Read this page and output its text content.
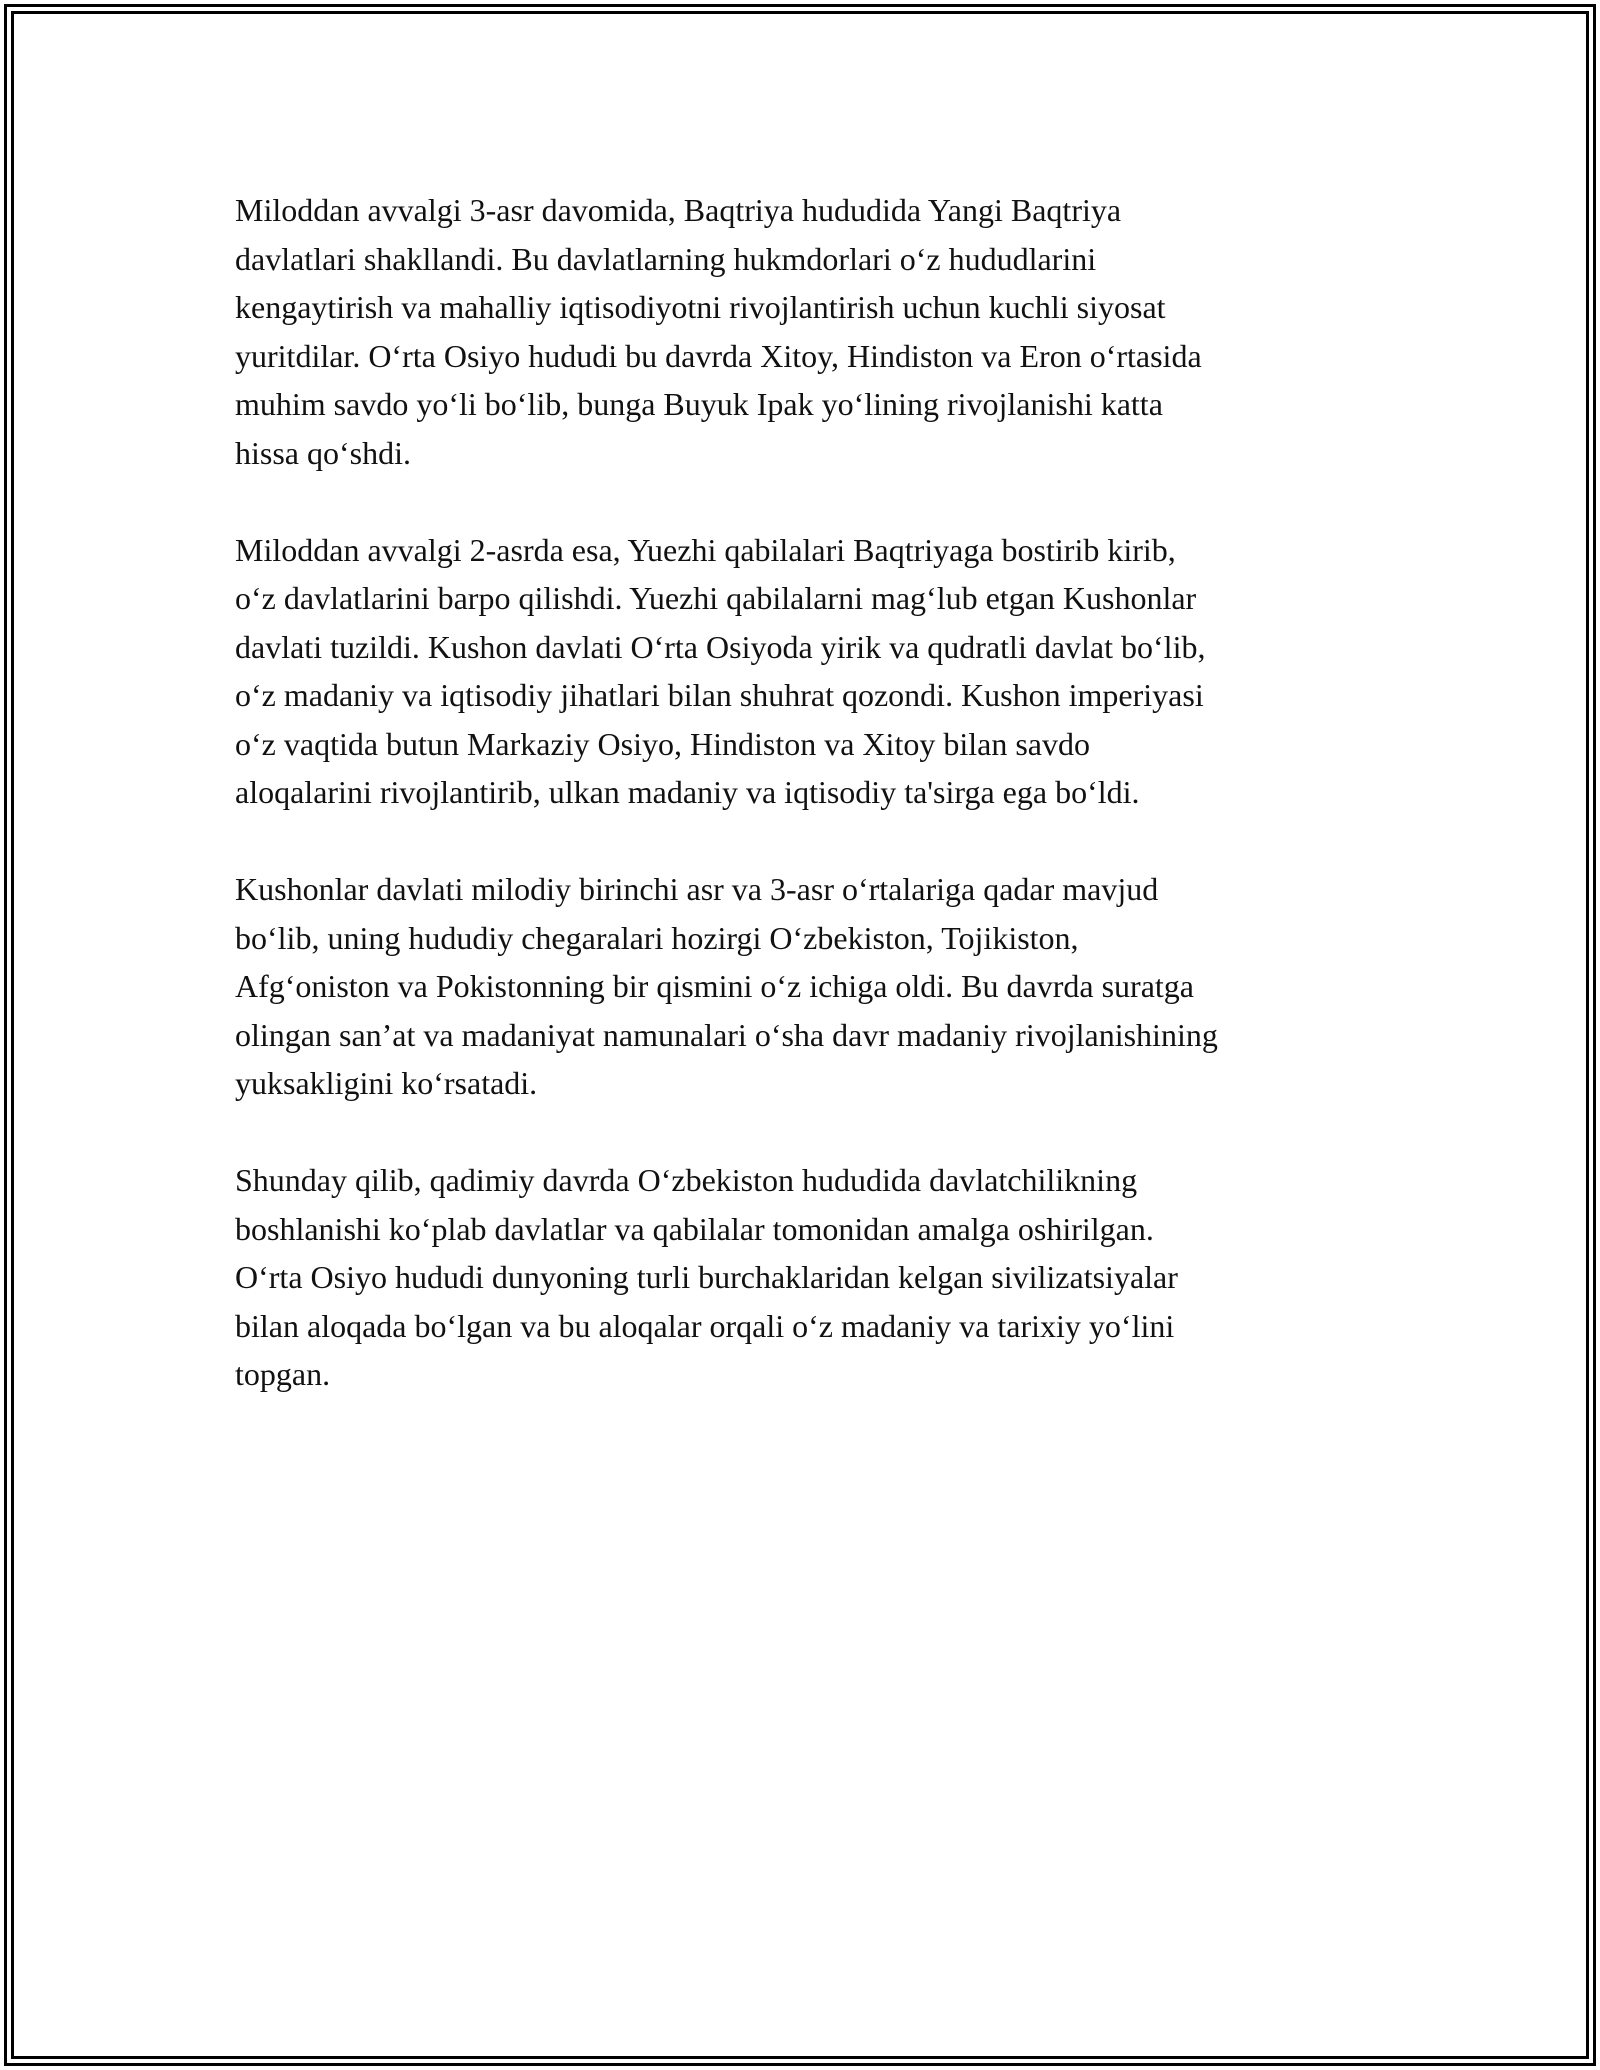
Miloddan avvalgi 3-asr davomida, Baqtriya hududida Yangi Baqtriya
davlatlari shakllandi. Bu davlatlarning hukmdorlari o‘z hududlarini
kengaytirish va mahalliy iqtisodiyotni rivojlantirish uchun kuchli siyosat
yuritdilar. O‘rta Osiyo hududi bu davrda Xitoy, Hindiston va Eron o‘rtasida
muhim savdo yo‘li bo‘lib, bunga Buyuk Ipak yo‘lining rivojlanishi katta
hissa qo‘shdi.

Miloddan avvalgi 2-asrda esa, Yuezhi qabilalari Baqtriyaga bostirib kirib,
o‘z davlatlarini barpo qilishdi. Yuezhi qabilalarni mag‘lub etgan Kushonlar
davlati tuzildi. Kushon davlati O‘rta Osiyoda yirik va qudratli davlat bo‘lib,
o‘z madaniy va iqtisodiy jihatlari bilan shuhrat qozondi. Kushon imperiyasi
o‘z vaqtida butun Markaziy Osiyo, Hindiston va Xitoy bilan savdo
aloqalarini rivojlantirib, ulkan madaniy va iqtisodiy ta'sirga ega bo‘ldi.

Kushonlar davlati milodiy birinchi asr va 3-asr o‘rtalariga qadar mavjud
bo‘lib, uning hududiy chegaralari hozirgi O‘zbekiston, Tojikiston,
Afg‘oniston va Pokistonning bir qismini o‘z ichiga oldi. Bu davrda suratga
olingan san’at va madaniyat namunalari o‘sha davr madaniy rivojlanishining
yuksakligini ko‘rsatadi.

Shunday qilib, qadimiy davrda O‘zbekiston hududida davlatchilikning
boshlanishi ko‘plab davlatlar va qabilalar tomonidan amalga oshirilgan.
O‘rta Osiyo hududi dunyoning turli burchaklaridan kelgan sivilizatsiyalar
bilan aloqada bo‘lgan va bu aloqalar orqali o‘z madaniy va tarixiy yo‘lini
topgan.
